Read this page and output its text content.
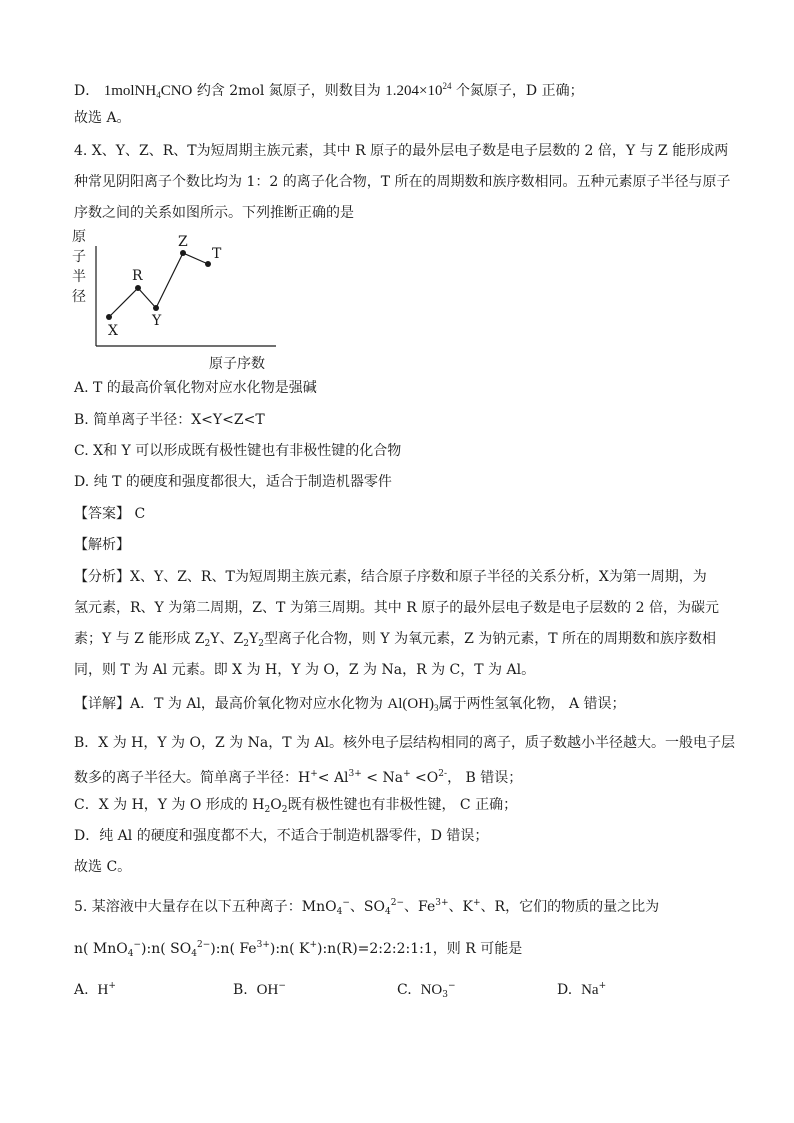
D． 1molNH$_4$CNO 约含 2mol 氮原子，则数目为 $1.204\times 10^{24}$ 个氮原子，D 正确；
故选 A。
4. X、Y、Z、R、T为短周期主族元素，其中 R 原子的最外层电子数是电子层数的 2 倍，Y 与 Z 能形成两
种常见阴阳离子个数比均为 1：2 的离子化合物，T 所在的周期数和族序数相同。五种元素原子半径与原子
序数之间的关系如图所示。下列推断正确的是
原
子
半
径
原子序数
X
R
Y
Z
T
A. T 的最高价氧化物对应水化物是强碱
B. 简单离子半径：X<Y<Z<T
C. X和 Y 可以形成既有极性键也有非极性键的化合物
D. 纯 T 的硬度和强度都很大，适合于制造机器零件
【答案】 C
【解析】
【分析】X、Y、Z、R、T为短周期主族元素，结合原子序数和原子半径的关系分析，X为第一周期，为
氢元素，R、Y 为第二周期，Z、T 为第三周期。其中 R 原子的最外层电子数是电子层数的 2 倍，为碳元
素；Y 与 Z 能形成 $Z_2Y$、$Z_2Y_2$型离子化合物，则 Y 为氧元素，Z 为钠元素，T 所在的周期数和族序数相
同，则 T 为 Al 元素。即 X 为 H，Y 为 O，Z 为 Na，R 为 C，T 为 Al。
【详解】A．T 为 Al，最高价氧化物对应水化物为 $Al(OH)_3$属于两性氢氧化物， A 错误；
B．X 为 H，Y 为 O，Z 为 Na，T 为 Al。核外电子层结构相同的离子，质子数越小半径越大。一般电子层
数多的离子半径大。简单离子半径：$H^+< Al^{3+} < Na^+ <O^{2-}$， B 错误；
C．X 为 H，Y 为 O 形成的 $H_2O_2$既有极性键也有非极性键， C 正确；
D．纯 Al 的硬度和强度都不大，不适合于制造机器零件，D 错误；
故选 C。
5. 某溶液中大量存在以下五种离子：MnO$_4$−、$SO_4^{2-}$、$Fe^{3+}$、K+、R，它们的物质的量之比为
n( MnO$_4$−):n( $SO_4^{2-}):n$( $Fe^{3+}):n$( K+):n(R)=2:2:2:1:1，则 R 可能是
A. H+	B. OH−	C. $NO_3^-$	D. Na+
